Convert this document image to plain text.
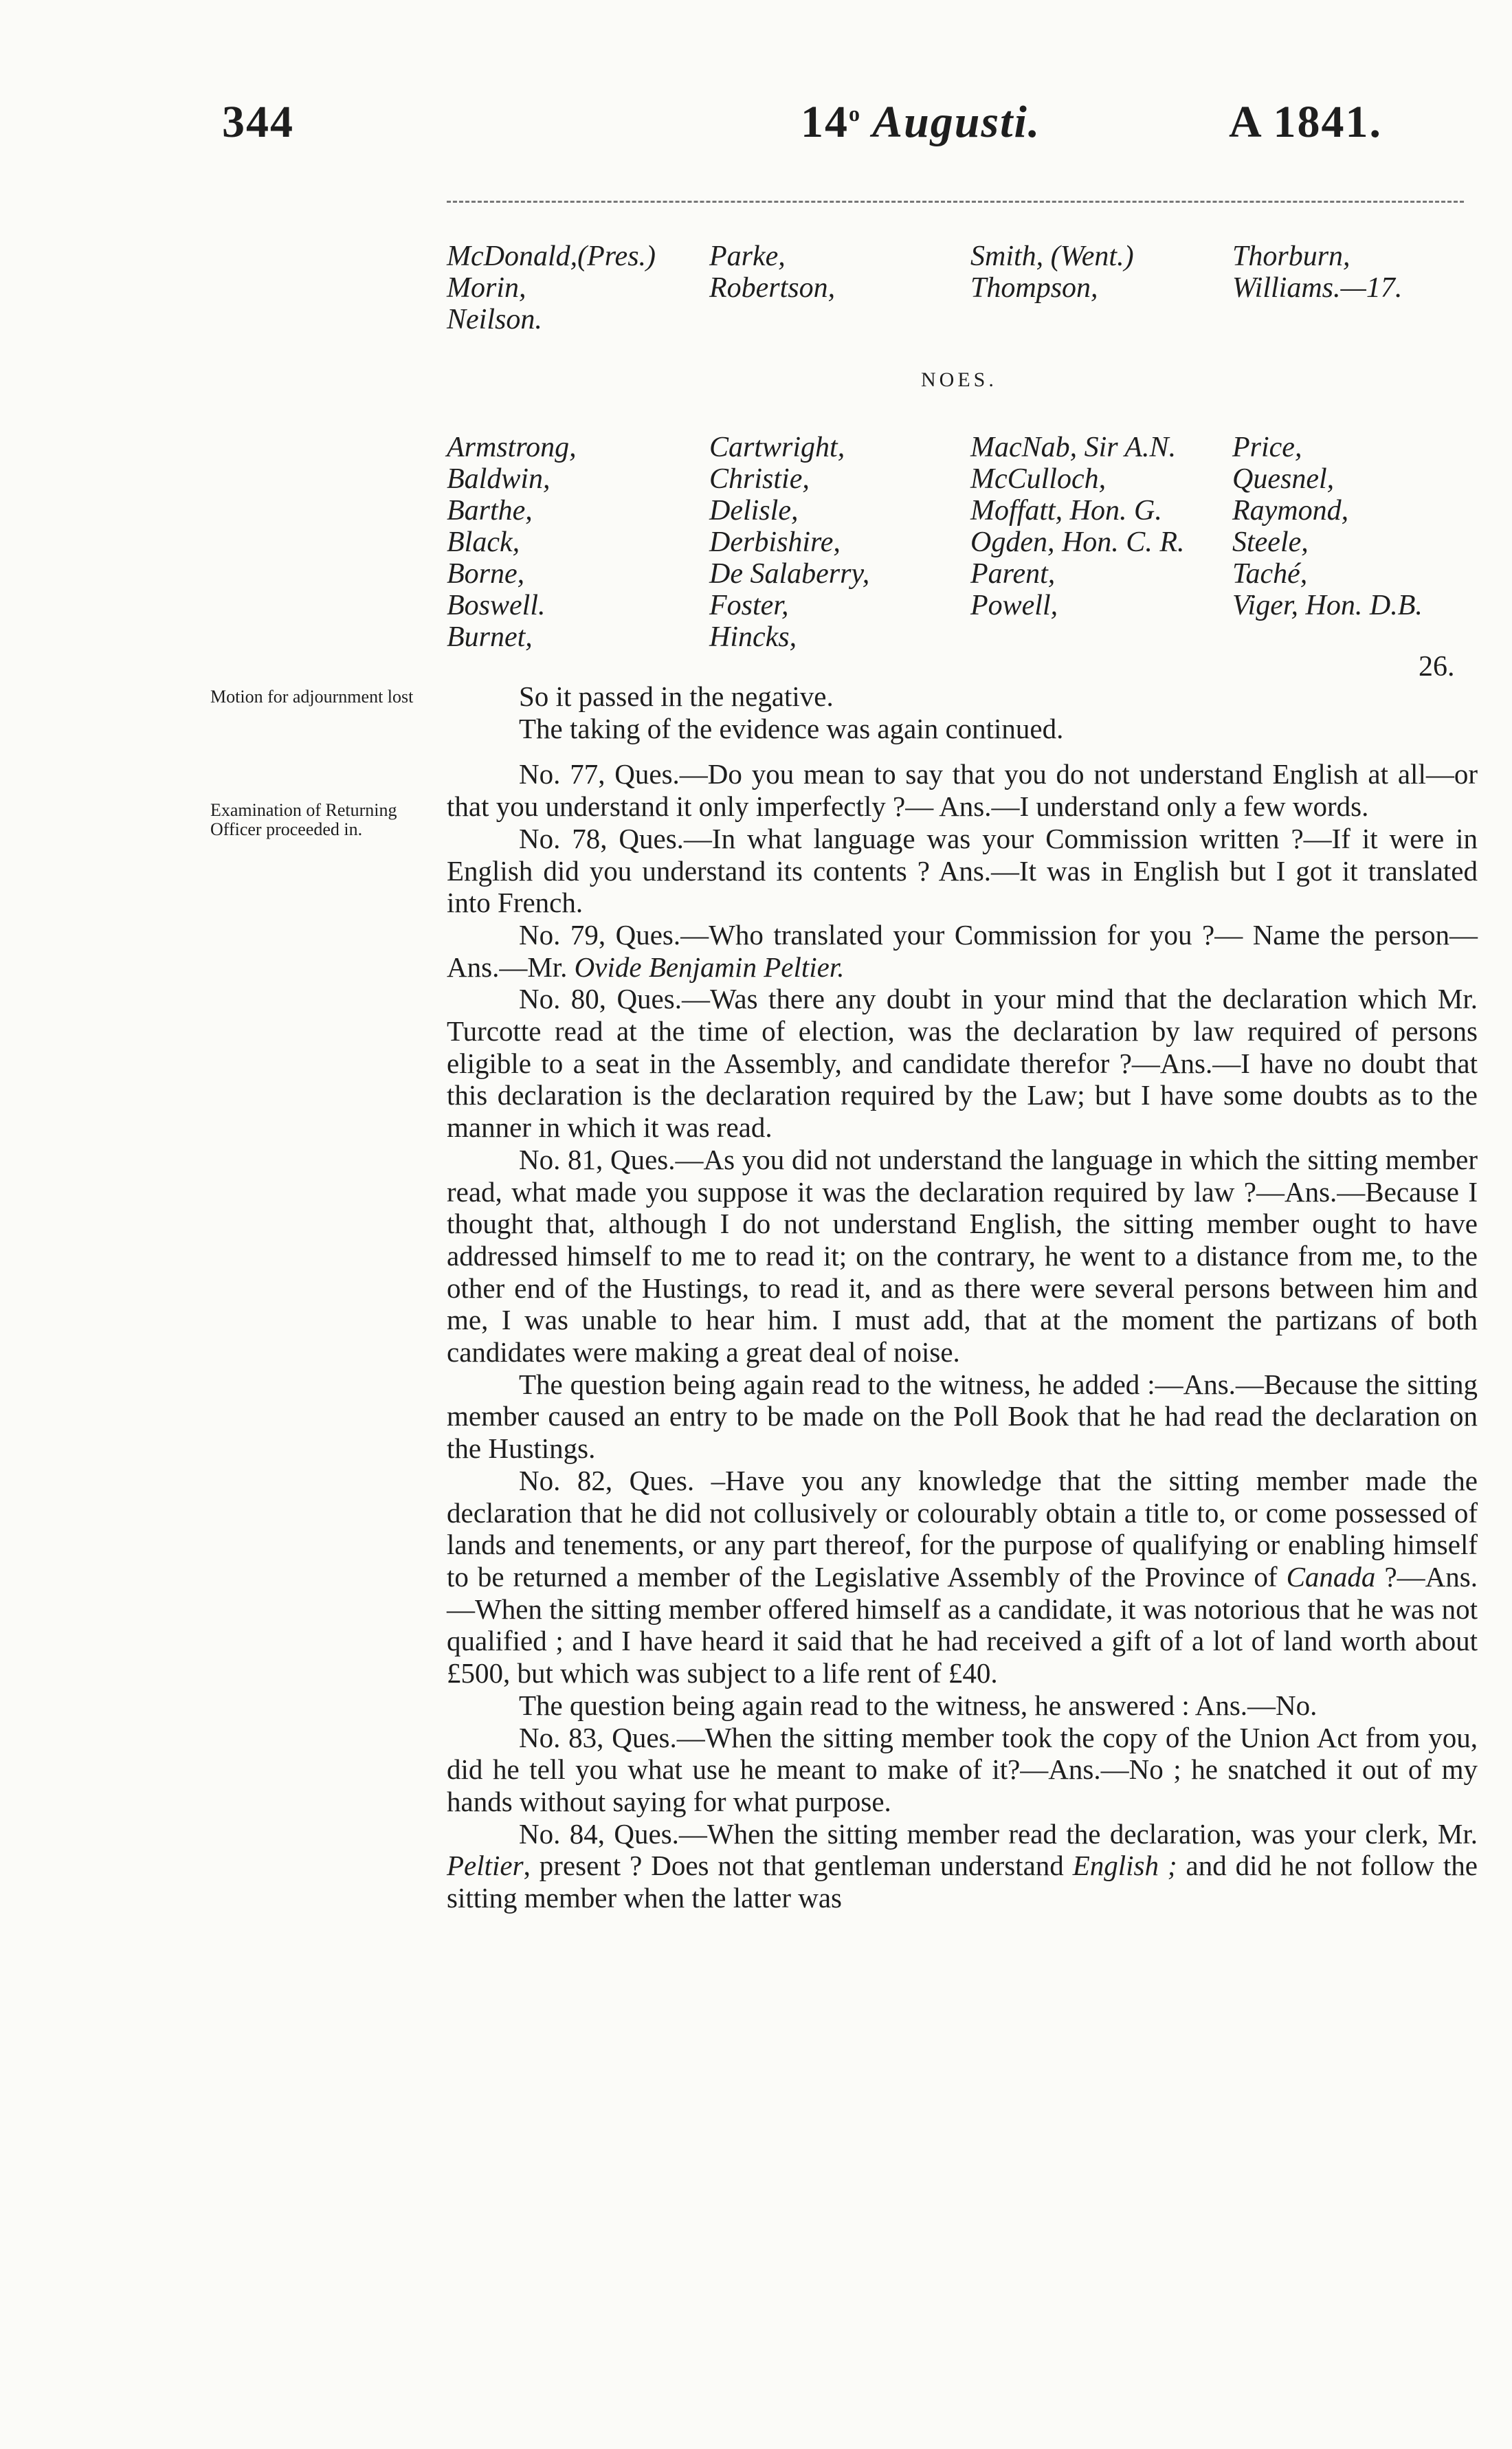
344	14$^o$ Augusti.	A 1841.
McDonald,(Pres.)
Morin,
Neilson.
Parke,
Robertson,
Smith, (Went.)
Thompson,
Thorburn,
Williams.—17.
NOES.
Armstrong,
Baldwin,
Barthe,
Black,
Borne,
Boswell.
Burnet,
Cartwright,
Christie,
Delisle,
Derbishire,
De Salaberry,
Foster,
Hincks,
MacNab, Sir A.N.
McCulloch,
Moffatt, Hon. G.
Ogden, Hon. C. R.
Parent,
Powell,
Price,
Quesnel,
Raymond,
Steele,
Taché,
Viger, Hon. D.B.
26.
Motion for adjournment lost
Examination of Returning Officer proceeded in.

So it passed in the negative.

The taking of the evidence was again continued.

No. 77, Ques.—Do you mean to say that you do not understand English at all—or that you understand it only imperfectly ?— Ans.—I understand only a few words.

No. 78, Ques.—In what language was your Commission written ?—If it were in English did you understand its contents ? Ans.—It was in English but I got it translated into French.

No. 79, Ques.—Who translated your Commission for you ?— Name the person—Ans.—Mr. Ovide Benjamin Peltier.

No. 80, Ques.—Was there any doubt in your mind that the declaration which Mr. Turcotte read at the time of election, was the declaration by law required of persons eligible to a seat in the Assembly, and candidate therefor ?—Ans.—I have no doubt that this declaration is the declaration required by the Law; but I have some doubts as to the manner in which it was read.

No. 81, Ques.—As you did not understand the language in which the sitting member read, what made you suppose it was the declaration required by law ?—Ans.—Because I thought that, although I do not understand English, the sitting member ought to have addressed himself to me to read it; on the contrary, he went to a distance from me, to the other end of the Hustings, to read it, and as there were several persons between him and me, I was unable to hear him. I must add, that at the moment the partizans of both candidates were making a great deal of noise.

The question being again read to the witness, he added :—Ans.—Because the sitting member caused an entry to be made on the Poll Book that he had read the declaration on the Hustings.

No. 82, Ques. –Have you any knowledge that the sitting member made the declaration that he did not collusively or colourably obtain a title to, or come possessed of lands and tenements, or any part thereof, for the purpose of qualifying or enabling himself to be returned a member of the Legislative Assembly of the Province of Canada ?—Ans.—When the sitting member offered himself as a candidate, it was notorious that he was not qualified ; and I have heard it said that he had received a gift of a lot of land worth about £500, but which was subject to a life rent of £40.

The question being again read to the witness, he answered : Ans.—No.

No. 83, Ques.—When the sitting member took the copy of the Union Act from you, did he tell you what use he meant to make of it?—Ans.—No ; he snatched it out of my hands without saying for what purpose.

No. 84, Ques.—When the sitting member read the declaration, was your clerk, Mr. Peltier, present ? Does not that gentleman understand English ; and did he not follow the sitting member when the latter was
